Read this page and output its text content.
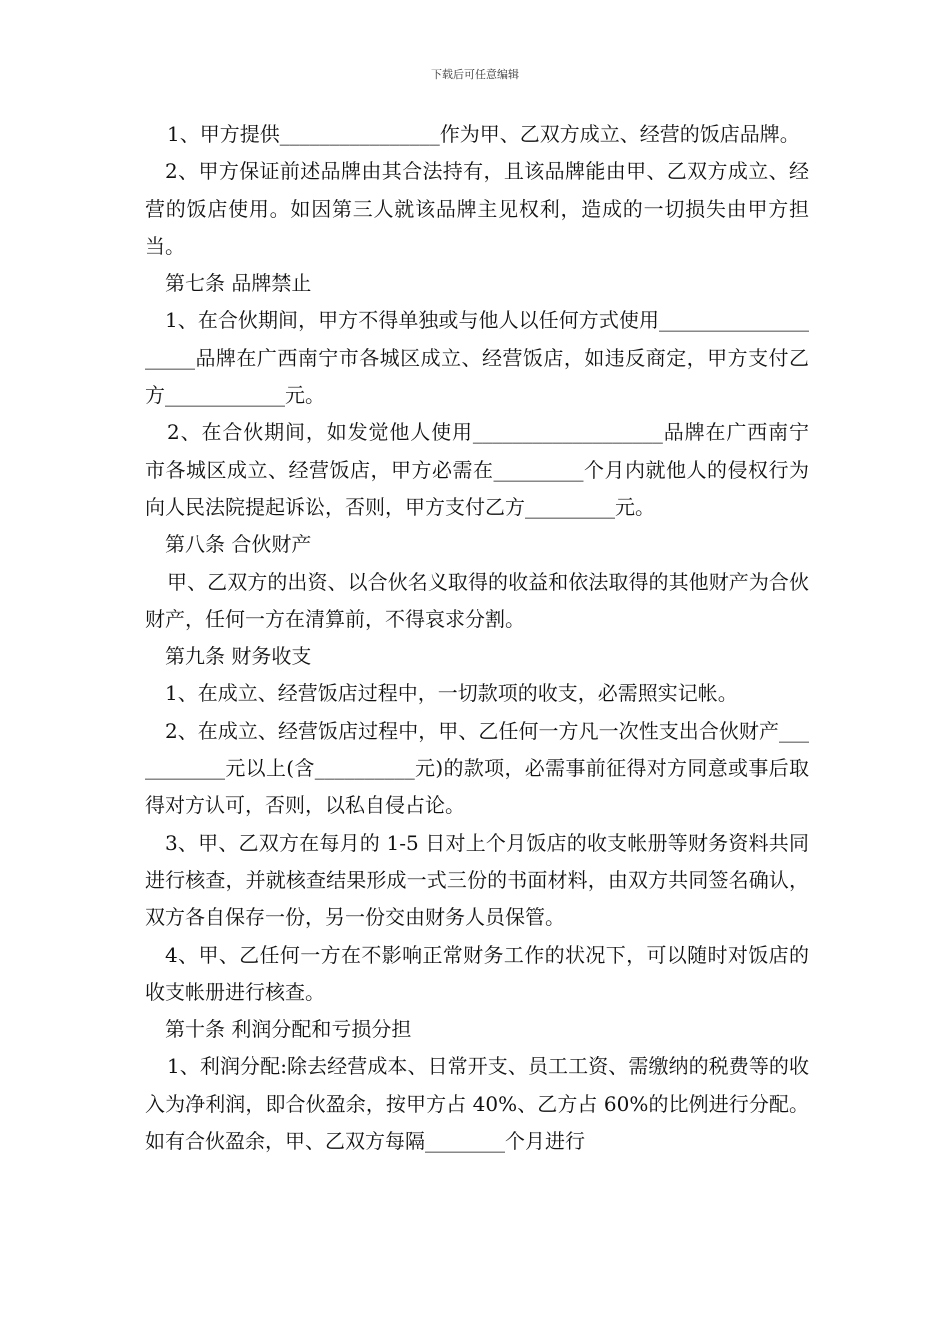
下载后可任意编辑

1、甲方提供________________作为甲、乙双方成立、经营的饭店品牌。

2、甲方保证前述品牌由其合法持有，且该品牌能由甲、乙双方成立、经营的饭店使用。如因第三人就该品牌主见权利，造成的一切损失由甲方担当。

第七条 品牌禁止

1、在合伙期间，甲方不得单独或与他人以任何方式使用____________________品牌在广西南宁市各城区成立、经营饭店，如违反商定，甲方支付乙方____________元。

2、在合伙期间，如发觉他人使用___________________品牌在广西南宁市各城区成立、经营饭店，甲方必需在_________个月内就他人的侵权行为向人民法院提起诉讼，否则，甲方支付乙方_________元。

第八条 合伙财产

甲、乙双方的出资、以合伙名义取得的收益和依法取得的其他财产为合伙财产，任何一方在清算前，不得哀求分割。

第九条 财务收支

1、在成立、经营饭店过程中，一切款项的收支，必需照实记帐。

2、在成立、经营饭店过程中，甲、乙任何一方凡一次性支出合伙财产___________元以上(含__________元)的款项，必需事前征得对方同意或事后取得对方认可，否则，以私自侵占论。

3、甲、乙双方在每月的 1-5 日对上个月饭店的收支帐册等财务资料共同进行核查，并就核查结果形成一式三份的书面材料，由双方共同签名确认，双方各自保存一份，另一份交由财务人员保管。

4、甲、乙任何一方在不影响正常财务工作的状况下，可以随时对饭店的收支帐册进行核查。

第十条 利润分配和亏损分担

1、利润分配:除去经营成本、日常开支、员工工资、需缴纳的税费等的收入为净利润，即合伙盈余，按甲方占 40%、乙方占 60%的比例进行分配。如有合伙盈余，甲、乙双方每隔________个月进行
